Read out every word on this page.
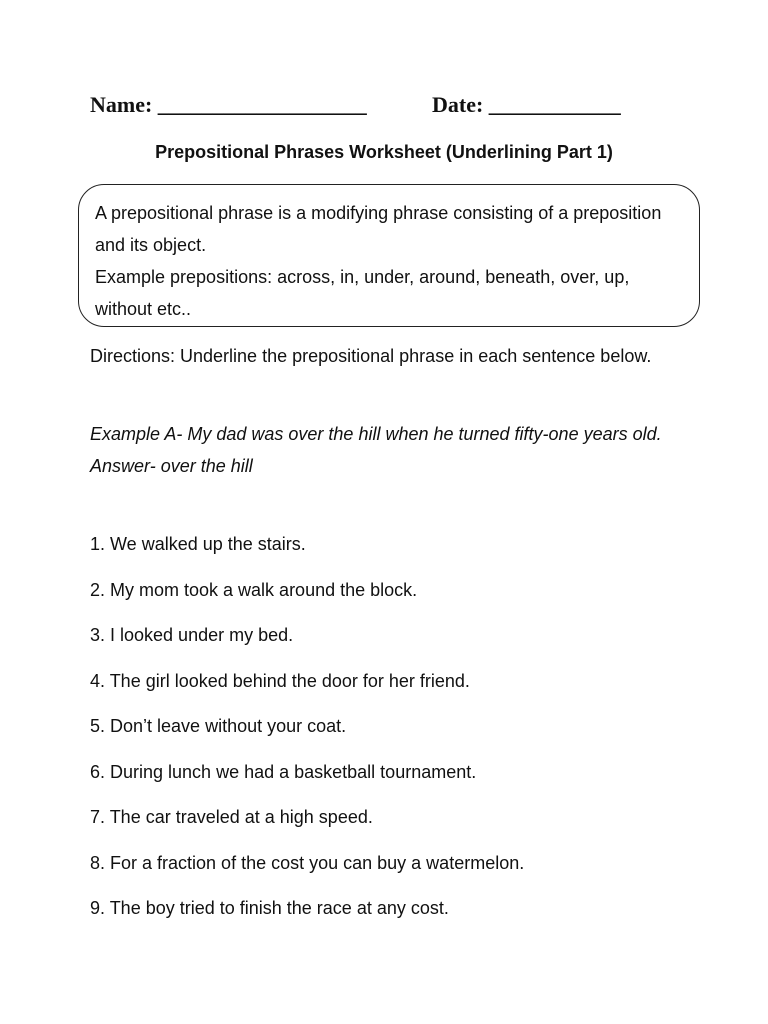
Name: ___________________	Date: ____________
Prepositional Phrases Worksheet (Underlining Part 1)

A prepositional phrase is a modifying phrase consisting of a preposition and its object.

Example prepositions: across, in, under, around, beneath, over, up, without etc..

Directions: Underline the prepositional phrase in each sentence below.

Example A- My dad was over the hill when he turned fifty-one years old.

Answer- over the hill

1. We walked up the stairs.
2. My mom took a walk around the block.
3. I looked under my bed.
4. The girl looked behind the door for her friend.
5. Don’t leave without your coat.
6. During lunch we had a basketball tournament.
7. The car traveled at a high speed.
8. For a fraction of the cost you can buy a watermelon.
9. The boy tried to finish the race at any cost.
